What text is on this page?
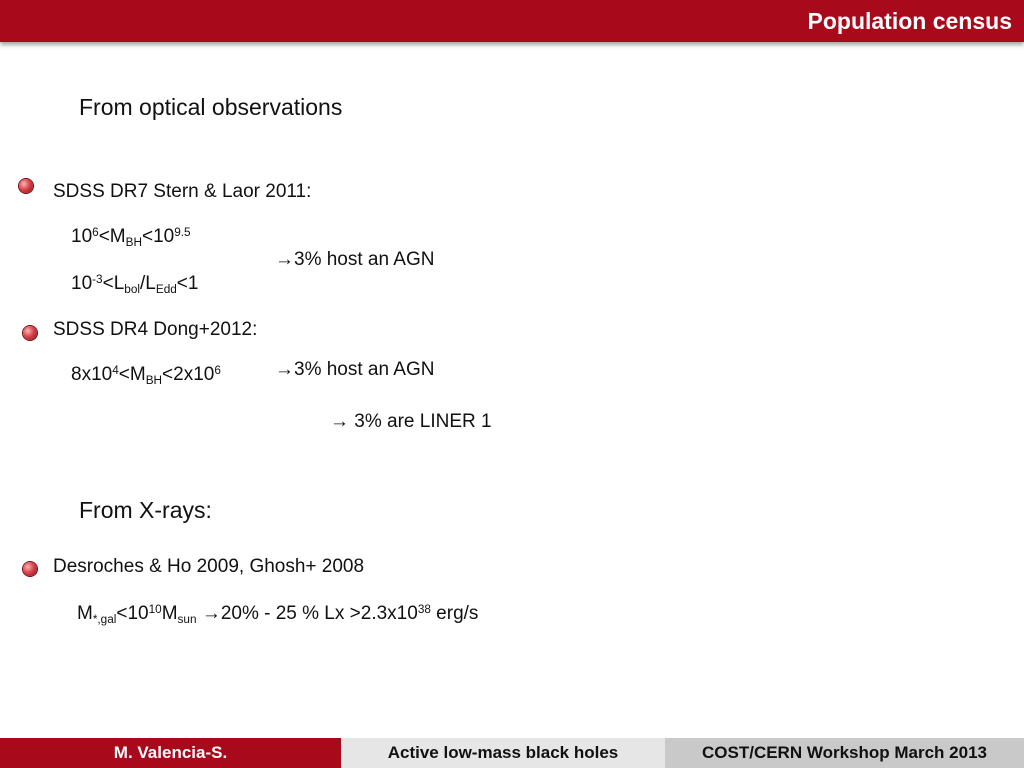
Population census
From optical observations
SDSS DR7 Stern & Laor 2011:
$10^6<M_{BH}<10^{9.5}$
→3% host an AGN
$10^{-3}<L_{bol}/L_{Edd}<1$
SDSS DR4 Dong+2012:
$8x10^4<M_{BH}<2x10^6$	→3% host an AGN
→ 3% are LINER 1
From X-rays:
Desroches & Ho 2009, Ghosh+ 2008
$M_{*,gal}<10^{10}M_{sun} \to 20\% - 25$ % $Lx >2.3x10^{38}$ erg/s
M. Valencia-S.	Active low-mass black holes	COST/CERN Workshop March 2013
